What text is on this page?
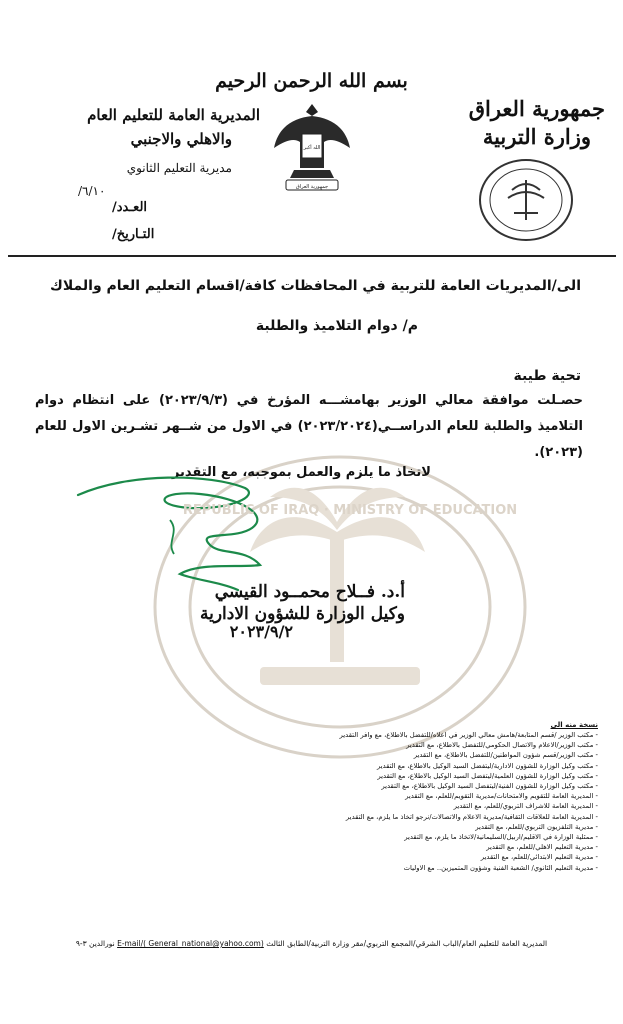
بسم الله الرحمن الرحيم
جمهورية العراق
وزارة التربية
الله أكبر
جمهورية العراق
المديرية العامة للتعليم العام
والاهلي والاجنبي
مديرية التعليم الثانوي
٦/١٠/
العـدد/
التـاريخ/
الى/المديريات العامة للتربية في المحافظات كافة/اقسام التعليم العام والملاك
م/ دوام التلاميذ والطلبة
تحية طيبة
حصـلت موافقة معالي الوزير بهامشـــه المؤرخ في (٢٠٢٣/٩/٣) على انتظام دوام التلاميذ والطلبة للعام الدراســي(٢٠٢٣/٢٠٢٤) في الاول من شــهر تشـرين الاول للعام (٢٠٢٣).
لاتخاذ ما يلزم والعمل بموجبه، مع التقدير
أ.د. فــلاح محمــود القيسي
وكيل الوزارة للشؤون الادارية
٢٠٢٣/٩/٢
نسخة منه الى
- مكتب الوزير /قسم المتابعة/هامش معالي الوزير في اعلاه/للتفضل بالاطلاع، مع وافر التقدير
- مكتب الوزير/الاعلام والاتصال الحكومي/للتفضل بالاطلاع، مع التقدير
- مكتب الوزير/قسم شؤون المواطنين/للتفضل بالاطلاع، مع التقدير
- مكتب وكيل الوزارة للشؤون الادارية/ليتفضل السيد الوكيل بالاطلاع، مع التقدير
- مكتب وكيل الوزارة للشؤون العلمية/ليتفضل السيد الوكيل بالاطلاع، مع التقدير
- مكتب وكيل الوزارة للشؤون الفنية/ليتفضل السيد الوكيل بالاطلاع، مع التقدير
- المديرية العامة للتقويم والامتحانات/مديرية التقويم/للعلم، مع التقدير
- المديرية العامة للاشراف التربوي/للعلم، مع التقدير
- المديرية العامة للعلاقات الثقافية/مديرية الاعلام والاتصالات/نرجو اتخاذ ما يلزم، مع التقدير
- مديرية التلفزيون التربوي/للعلم، مع التقدير
- ممثلية الوزارة في الاقليم/اربيل/السليمانية/لاتخاذ ما يلزم، مع التقدير
- مديرية التعليم الاهلي/للعلم، مع التقدير
- مديرية التعليم الابتدائي/للعلم، مع التقدير
- مديرية التعليم الثانوي/ الشعبة الفنية وشؤون المتميزين.. مع الاوليات
REPUBLIC OF IRAQ · MINISTRY OF EDUCATION
المديرية العامة للتعليم العام/الباب الشرقي/المجمع التربوي/مقر وزارة التربية/الطابق الثالث (E-mail/( General_national@yahoo.com نورالدين ٣-٩
